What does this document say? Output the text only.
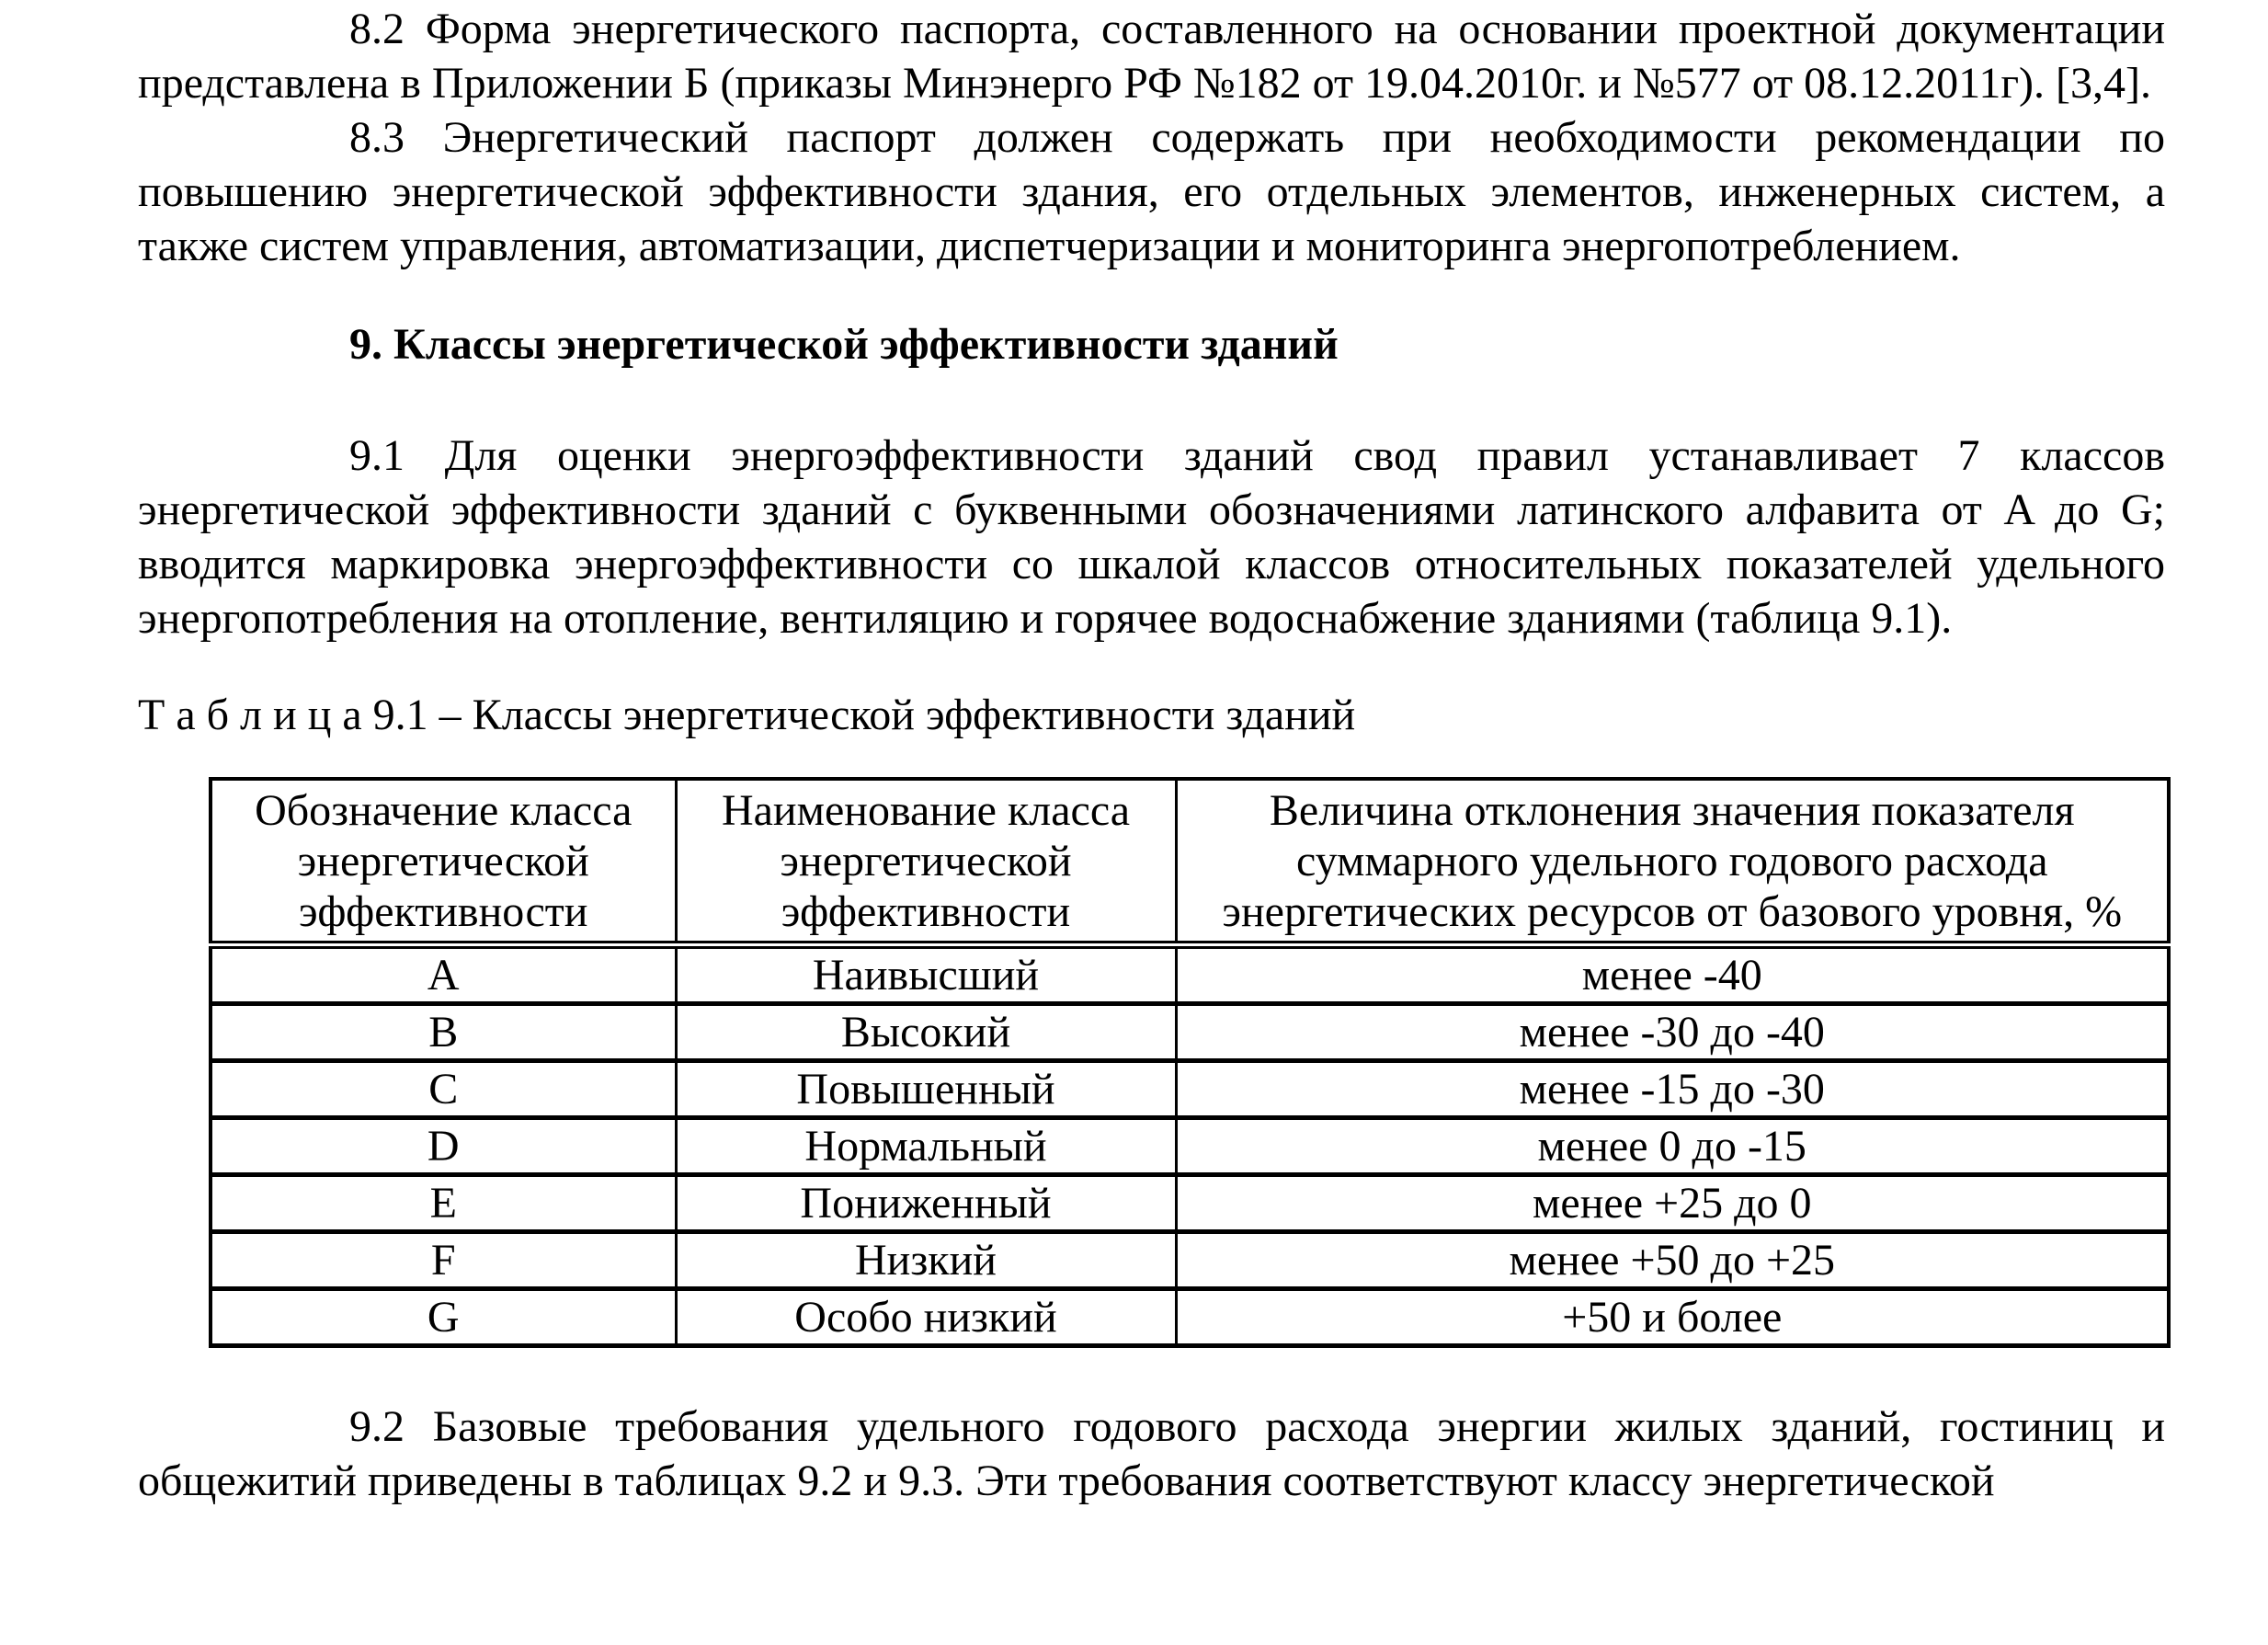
8.2 Форма энергетического паспорта, составленного на основании проектной документации представлена в Приложении Б (приказы Минэнерго РФ №182 от 19.04.2010г. и №577 от 08.12.2011г). [3,4].

8.3 Энергетический паспорт должен содержать при необходимости рекомендации по повышению энергетической эффективности здания, его отдельных элементов, инженерных систем, а также систем управления, автоматизации, диспетчеризации и мониторинга энергопотреблением.

9. Классы энергетической эффективности зданий

9.1 Для оценки энергоэффективности зданий свод правил устанавливает 7 классов энергетической эффективности зданий с буквенными обозначениями латинского алфавита от A до G; вводится маркировка энергоэффективности со шкалой классов относительных показателей удельного энергопотребления на отопление, вентиляцию и горячее водоснабжение зданиями (таблица 9.1).

Т а б л и ц а 9.1 – Классы энергетической эффективности зданий

Обозначение класса энергетической эффективности	Наименование класса энергетической эффективности	Величина отклонения значения показателя суммарного удельного годового расхода энергетических ресурсов от базового уровня, %
A	Наивысший	менее -40
B	Высокий	менее -30 до -40
C	Повышенный	менее -15 до -30
D	Нормальный	менее 0 до -15
E	Пониженный	менее +25 до 0
F	Низкий	менее +50 до +25
G	Особо низкий	+50 и более

9.2 Базовые требования удельного годового расхода энергии жилых зданий, гостиниц и общежитий приведены в таблицах 9.2 и 9.3. Эти требования соответствуют классу энергетической
